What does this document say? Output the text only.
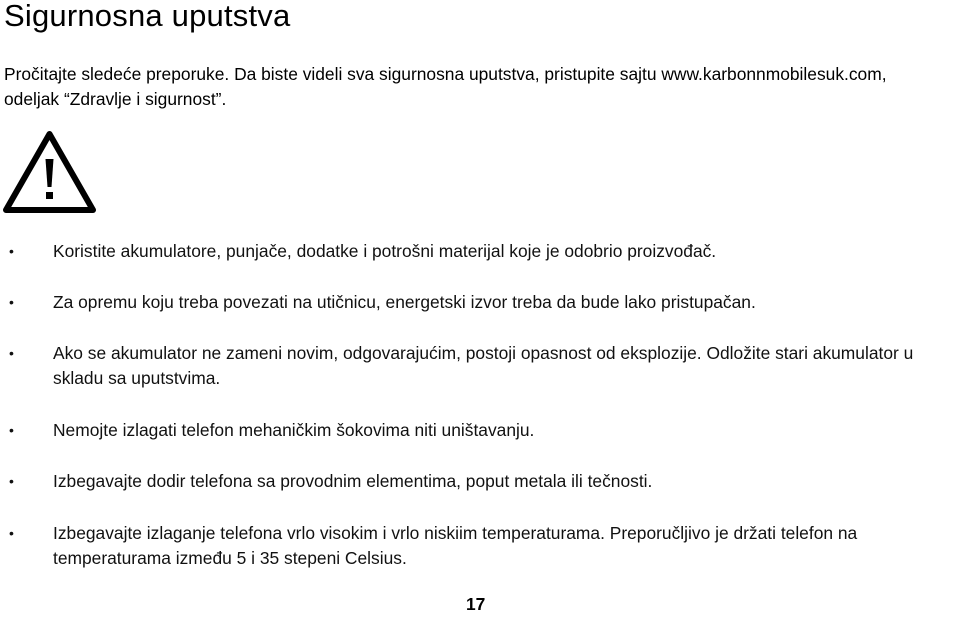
Sigurnosna uputstva
Pročitajte sledeće preporuke. Da biste videli sva sigurnosna uputstva, pristupite sajtu www.karbonnmobilesuk.com,
odeljak “Zdravlje i sigurnost”.
• Koristite akumulatore, punjače, dodatke i potrošni materijal koje je odobrio proizvođač.
• Za opremu koju treba povezati na utičnicu, energetski izvor treba da bude lako pristupačan.
• Ako se akumulator ne zameni novim, odgovarajućim, postoji opasnost od eksplozije. Odložite stari akumulator u
skladu sa uputstvima.
• Nemojte izlagati telefon mehaničkim šokovima niti uništavanju.
• Izbegavajte dodir telefona sa provodnim elementima, poput metala ili tečnosti.
• Izbegavajte izlaganje telefona vrlo visokim i vrlo niskiim temperaturama. Preporučljivo je držati telefon na
temperaturama između 5 i 35 stepeni Celsius.
17
